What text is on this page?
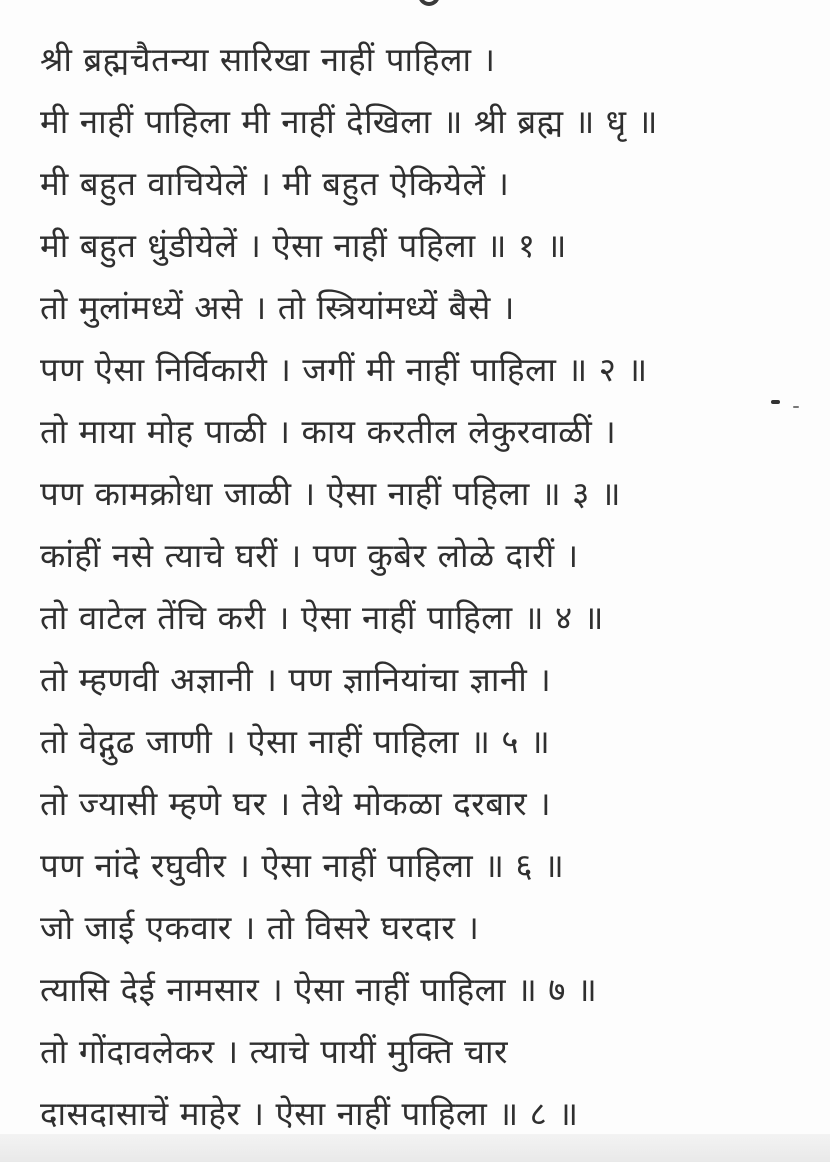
श्री ब्रह्मचैतन्या सारिखा नाहीं पाहिला ।
मी नाहीं पाहिला मी नाहीं देखिला ॥ श्री ब्रह्म ॥ धृ ॥
मी बहुत वाचियेलें । मी बहुत ऐकियेलें ।
मी बहुत धुंडीयेलें । ऐसा नाहीं पहिला ॥ १ ॥
तो मुलांमध्यें असे । तो स्त्रियांमध्यें बैसे ।
पण ऐसा निर्विकारी । जगीं मी नाहीं पाहिला ॥ २ ॥
तो माया मोह पाळी । काय करतील लेकुरवाळीं ।
पण कामक्रोधा जाळी । ऐसा नाहीं पहिला ॥ ३ ॥
कांहीं नसे त्याचे घरीं । पण कुबेर लोळे दारीं ।
तो वाटेल तेंचि करी । ऐसा नाहीं पाहिला ॥ ४ ॥
तो म्हणवी अज्ञानी । पण ज्ञानियांचा ज्ञानी ।
तो वेद्गुढ जाणी । ऐसा नाहीं पाहिला ॥ ५ ॥
तो ज्यासी म्हणे घर । तेथे मोकळा दरबार ।
पण नांदे रघुवीर । ऐसा नाहीं पाहिला ॥ ६ ॥
जो जाई एकवार । तो विसरे घरदार ।
त्यासि देई नामसार । ऐसा नाहीं पाहिला ॥ ७ ॥
तो गोंदावलेकर । त्याचे पायीं मुक्ति चार
दासदासाचें माहेर । ऐसा नाहीं पाहिला ॥ ८ ॥
